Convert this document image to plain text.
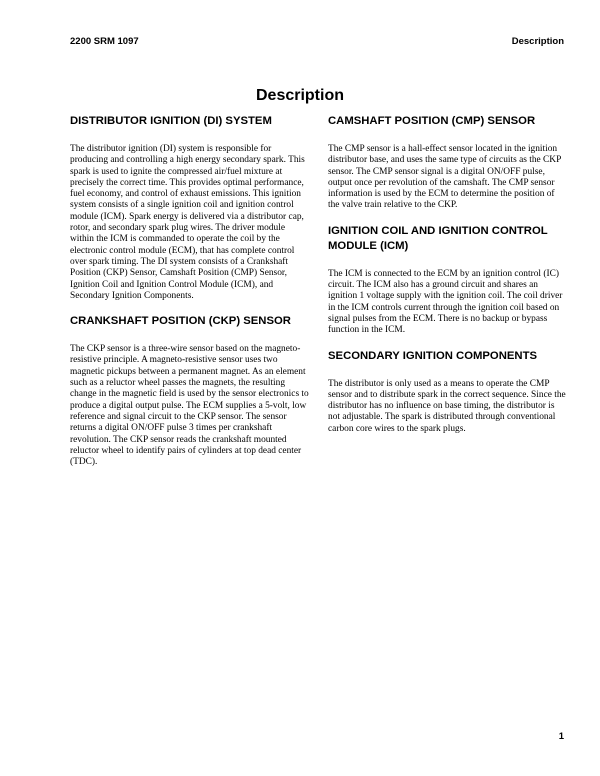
2200 SRM 1097	Description
Description
DISTRIBUTOR IGNITION (DI) SYSTEM

The distributor ignition (DI) system is responsible for producing and controlling a high energy secondary spark. This spark is used to ignite the compressed air/fuel mixture at precisely the correct time. This provides optimal performance, fuel economy, and control of exhaust emissions. This ignition system consists of a single ignition coil and ignition control module (ICM). Spark energy is delivered via a distributor cap, rotor, and secondary spark plug wires. The driver module within the ICM is commanded to operate the coil by the electronic control module (ECM), that has complete control over spark timing. The DI system consists of a Crankshaft Position (CKP) Sensor, Camshaft Position (CMP) Sensor, Ignition Coil and Ignition Control Module (ICM), and Secondary Ignition Components.

CRANKSHAFT POSITION (CKP) SENSOR

The CKP sensor is a three-wire sensor based on the magneto-resistive principle. A magneto-resistive sensor uses two magnetic pickups between a permanent magnet. As an element such as a reluctor wheel passes the magnets, the resulting change in the magnetic field is used by the sensor electronics to produce a digital output pulse. The ECM supplies a 5-volt, low reference and signal circuit to the CKP sensor. The sensor returns a digital ON/OFF pulse 3 times per crankshaft revolution. The CKP sensor reads the crankshaft mounted reluctor wheel to identify pairs of cylinders at top dead center (TDC).

CAMSHAFT POSITION (CMP) SENSOR

The CMP sensor is a hall-effect sensor located in the ignition distributor base, and uses the same type of circuits as the CKP sensor. The CMP sensor signal is a digital ON/OFF pulse, output once per revolution of the camshaft. The CMP sensor information is used by the ECM to determine the position of the valve train relative to the CKP.

IGNITION COIL AND IGNITION CONTROL MODULE (ICM)

The ICM is connected to the ECM by an ignition control (IC) circuit. The ICM also has a ground circuit and shares an ignition 1 voltage supply with the ignition coil. The coil driver in the ICM controls current through the ignition coil based on signal pulses from the ECM. There is no backup or bypass function in the ICM.

SECONDARY IGNITION COMPONENTS

The distributor is only used as a means to operate the CMP sensor and to distribute spark in the correct sequence. Since the distributor has no influence on base timing, the distributor is not adjustable. The spark is distributed through conventional carbon core wires to the spark plugs.

1
